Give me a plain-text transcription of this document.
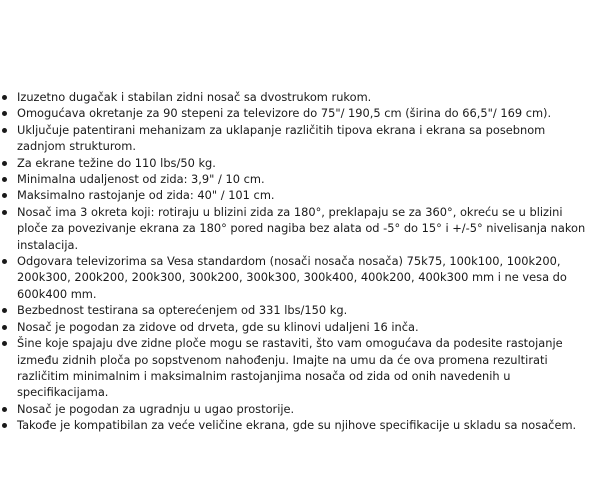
Izuzetno dugačak i stabilan zidni nosač sa dvostrukom rukom.
Omogućava okretanje za 90 stepeni za televizore do 75"/ 190,5 cm (širina do 66,5"/ 169 cm).
Uključuje patentirani mehanizam za uklapanje različitih tipova ekrana i ekrana sa posebnom zadnjom strukturom.
Za ekrane težine do 110 lbs/50 kg.
Minimalna udaljenost od zida: 3,9" / 10 cm.
Maksimalno rastojanje od zida: 40" / 101 cm.
Nosač ima 3 okreta koji: rotiraju u blizini zida za 180°, preklapaju se za 360°, okreću se u blizini ploče za povezivanje ekrana za 180° pored nagiba bez alata od -5° do 15° i +/-5° nivelisanja nakon instalacija.
Odgovara televizorima sa Vesa standardom (nosači nosača nosača) 75k75, 100k100, 100k200, 200k300, 200k200, 200k300, 300k200, 300k300, 300k400, 400k200, 400k300 mm i ne vesa do 600k400 mm.
Bezbednost testirana sa opterećenjem od 331 lbs/150 kg.
Nosač je pogodan za zidove od drveta, gde su klinovi udaljeni 16 inča.
Šine koje spajaju dve zidne ploče mogu se rastaviti, što vam omogućava da podesite rastojanje između zidnih ploča po sopstvenom nahođenju. Imajte na umu da će ova promena rezultirati različitim minimalnim i maksimalnim rastojanjima nosača od zida od onih navedenih u specifikacijama.
Nosač je pogodan za ugradnju u ugao prostorije.
Takođe je kompatibilan za veće veličine ekrana, gde su njihove specifikacije u skladu sa nosačem.
